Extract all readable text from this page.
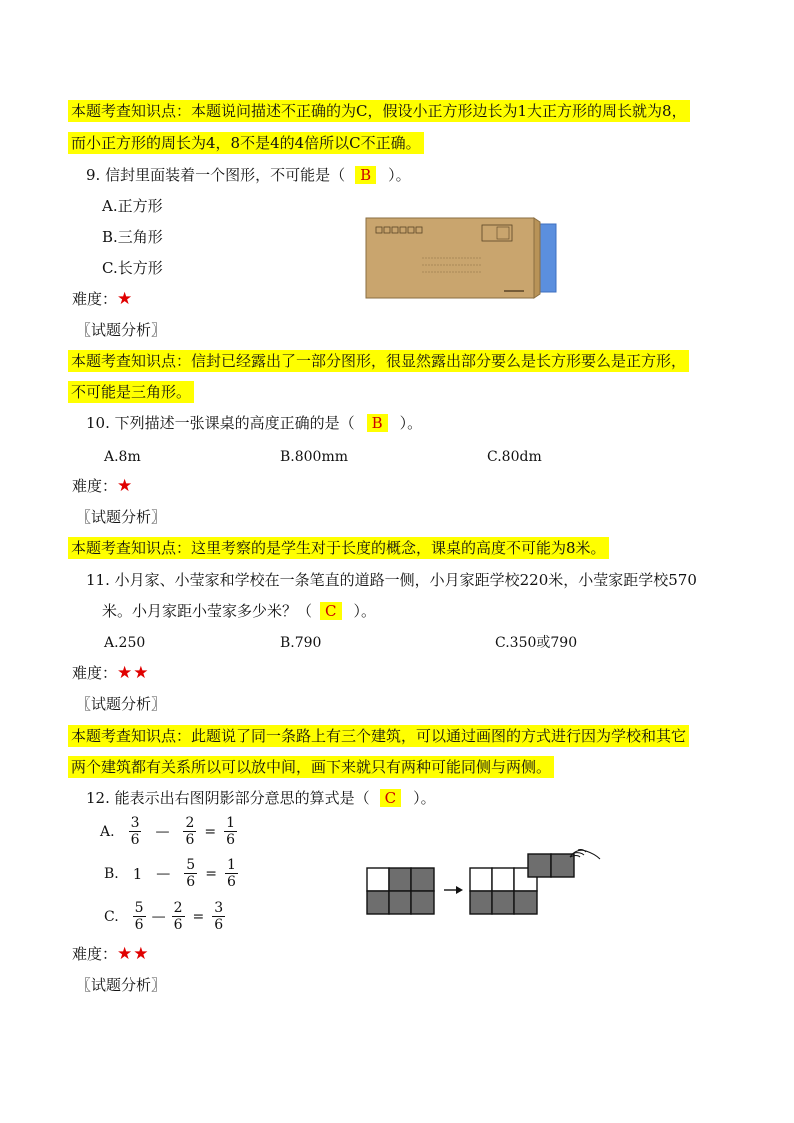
本题考查知识点：本题说问描述不正确的为C，假设小正方形边长为1大正方形的周长就为8，
而小正方形的周长为4，8不是4的4倍所以C不正确。
9. 信封里面装着一个图形，不可能是（ B ）。
A.正方形
B.三角形
C.长方形
难度：★
〖试题分析〗
本题考查知识点：信封已经露出了一部分图形，很显然露出部分要么是长方形要么是正方形，
不可能是三角形。
10. 下列描述一张课桌的高度正确的是（ B ）。
A.8m	B.800mm	C.80dm
难度：★
〖试题分析〗
本题考查知识点：这里考察的是学生对于长度的概念，课桌的高度不可能为8米。
11. 小月家、小莹家和学校在一条笔直的道路一侧，小月家距学校220米，小莹家距学校570
米。小月家距小莹家多少米？（ C ）。
A.250	B.790	C.350或790
难度：★★
〖试题分析〗
本题考查知识点：此题说了同一条路上有三个建筑，可以通过画图的方式进行因为学校和其它
两个建筑都有关系所以可以放中间，画下来就只有两种可能同侧与两侧。
12. 能表示出右图阴影部分意思的算式是（ C ）。
A. $\frac{3}{6}$ — $\frac{2}{6} = \frac{1}{6}$
B. 1 — $\frac{5}{6} = \frac{1}{6}$
C. $\frac{5}{6}$ — $\frac{2}{6} = \frac{3}{6}$
难度：★★
〖试题分析〗
